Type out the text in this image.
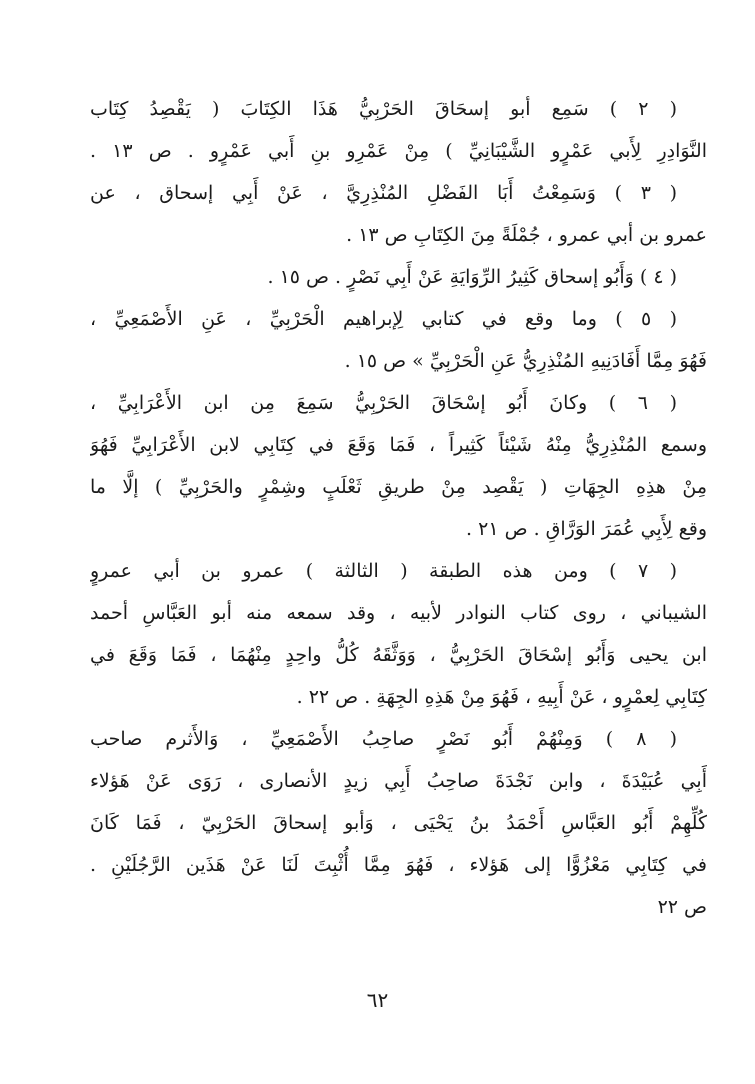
( ٢ ) سَمِع أبو إسحَاقَ الحَرْبِيُّ هَذَا الكِتَابَ ( يَقْصِدُ كِتَاب
النَّوَادِرِ لِأَبي عَمْرٍو الشَّيْبَانِيِّ ) مِنْ عَمْرِو بنِ أَبي عَمْرٍو . ص ١٣ .
( ٣ ) وَسَمِعْتُ أَبَا الفَضْلِ المُنْذِرِيَّ ، عَنْ أَبِي إسحاق ، عن
عمرو بن أبي عمرو ، جُمْلَةً مِنَ الكِتَابِ ص ١٣ .
( ٤ ) وَأَبُو إسحاق كَثِيرُ الرِّوَايَةِ عَنْ أَبِي نَصْرٍ . ص ١٥ .
( ٥ ) وما وقع في كتابي لِإبراهيم الْحَرْبِيِّ ، عَنِ الأَصْمَعِيِّ ،
فَهُوَ مِمَّا أَفَادَنِيهِ المُنْذِرِيُّ عَنِ الْحَرْبِيِّ » ص ١٥ .
( ٦ ) وكانَ أَبُو إسْحَاقَ الحَرْبِيُّ سَمِعَ مِن ابن الأَعْرَابِيِّ ،
وسمع المُنْذِرِيُّ مِنْهُ شَيْئاً كَثِيراً ، فَمَا وَقَعَ في كِتَابِي لابن الأَعْرَابِيِّ فَهُوَ
مِنْ هذِهِ الجِهَاتِ ( يَقْصِد مِنْ طريقِ ثَعْلَبٍ وشِمْرٍ والحَرْبِيِّ ) إلَّا ما
وقع لِأَبِي عُمَرَ الوَرَّاقِ . ص ٢١ .
( ٧ ) ومن هذه الطبقة ( الثالثة ) عمرو بن أبي عمروٍ
الشيباني ، روى كتاب النوادر لأبيه ، وقد سمعه منه أبو العَبَّاسِ أحمد
ابن يحيى وَأَبُو إسْحَاقَ الحَرْبِيُّ ، وَوَثَّقَهُ كُلُّ واحِدٍ مِنْهُمَا ، فَمَا وَقَعَ في
كِتَابِي لِعمْرٍو ، عَنْ أَبِيهِ ، فَهُوَ مِنْ هَذِهِ الجِهَةِ . ص ٢٢ .
( ٨ ) وَمِنْهُمْ أَبُو نَصْرٍ صاحِبُ الأَصْمَعِيِّ ، وَالأَثرم صاحب
أَبِي عُبَيْدَةَ ، وابن نَجْدَةَ صاحِبُ أَبِي زيدٍ الأنصارى ، رَوَى عَنْ هَؤلاء
كُلِّهِمْ أَبُو العَبَّاسِ أَحْمَدُ بنُ يَحْيَى ، وَأبو إسحاقَ الحَرْبِيّ ، فَمَا كَانَ
في كِتَابِي مَعْزُوًّا إلى هَؤلاء ، فَهُوَ مِمَّا أُثْبِتَ لَنَا عَنْ هَذَين الرَّجُلَيْنِ .
ص ٢٢
٦٢
